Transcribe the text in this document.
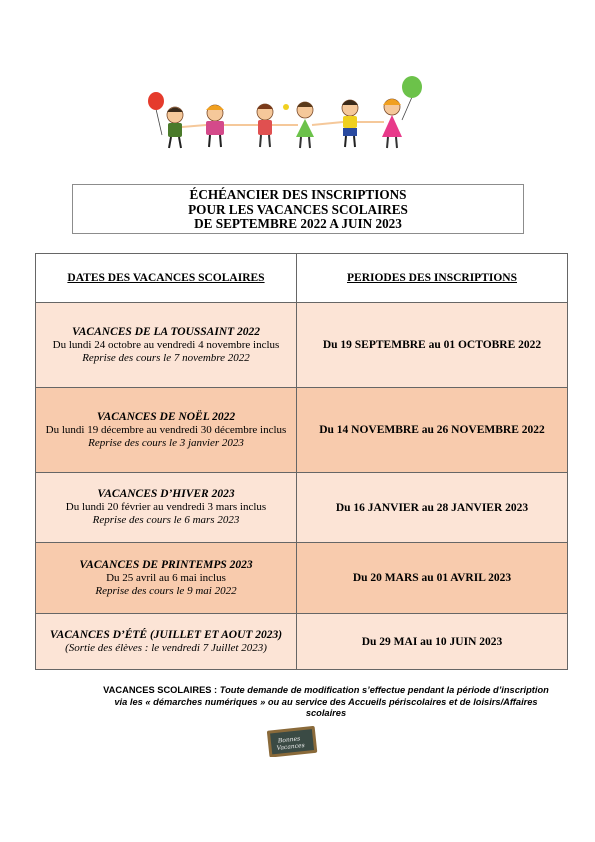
ÉCHÉANCIER DES INSCRIPTIONS
POUR LES VACANCES SCOLAIRES
DE SEPTEMBRE 2022 A JUIN 2023
DATES DES VACANCES SCOLAIRES	PERIODES DES INSCRIPTIONS

VACANCES DE LA TOUSSAINT 2022
Du lundi 24 octobre au vendredi 4 novembre inclus
Reprise des cours le 7 novembre 2022	Du 19 SEPTEMBRE au 01 OCTOBRE 2022

VACANCES DE NOËL 2022
Du lundi 19 décembre au vendredi 30 décembre inclus
Reprise des cours le 3 janvier 2023	Du 14 NOVEMBRE au 26 NOVEMBRE 2022

VACANCES D’HIVER 2023
Du lundi 20 février au vendredi 3 mars inclus
Reprise des cours le 6 mars 2023	Du 16 JANVIER au 28 JANVIER 2023

VACANCES DE PRINTEMPS 2023
Du 25 avril au 6 mai inclus
Reprise des cours le 9 mai 2022	Du 20 MARS au 01 AVRIL 2023

VACANCES D’ÉTÉ (JUILLET ET AOUT 2023)
(Sortie des élèves : le vendredi 7 Juillet 2023)	Du 29 MAI au 10 JUIN 2023
VACANCES SCOLAIRES : Toute demande de modification s’effectue pendant la période d’inscription via les « démarches numériques » ou au service des Accueils périscolaires et de loisirs/Affaires scolaires
Bonnes
Vacances
